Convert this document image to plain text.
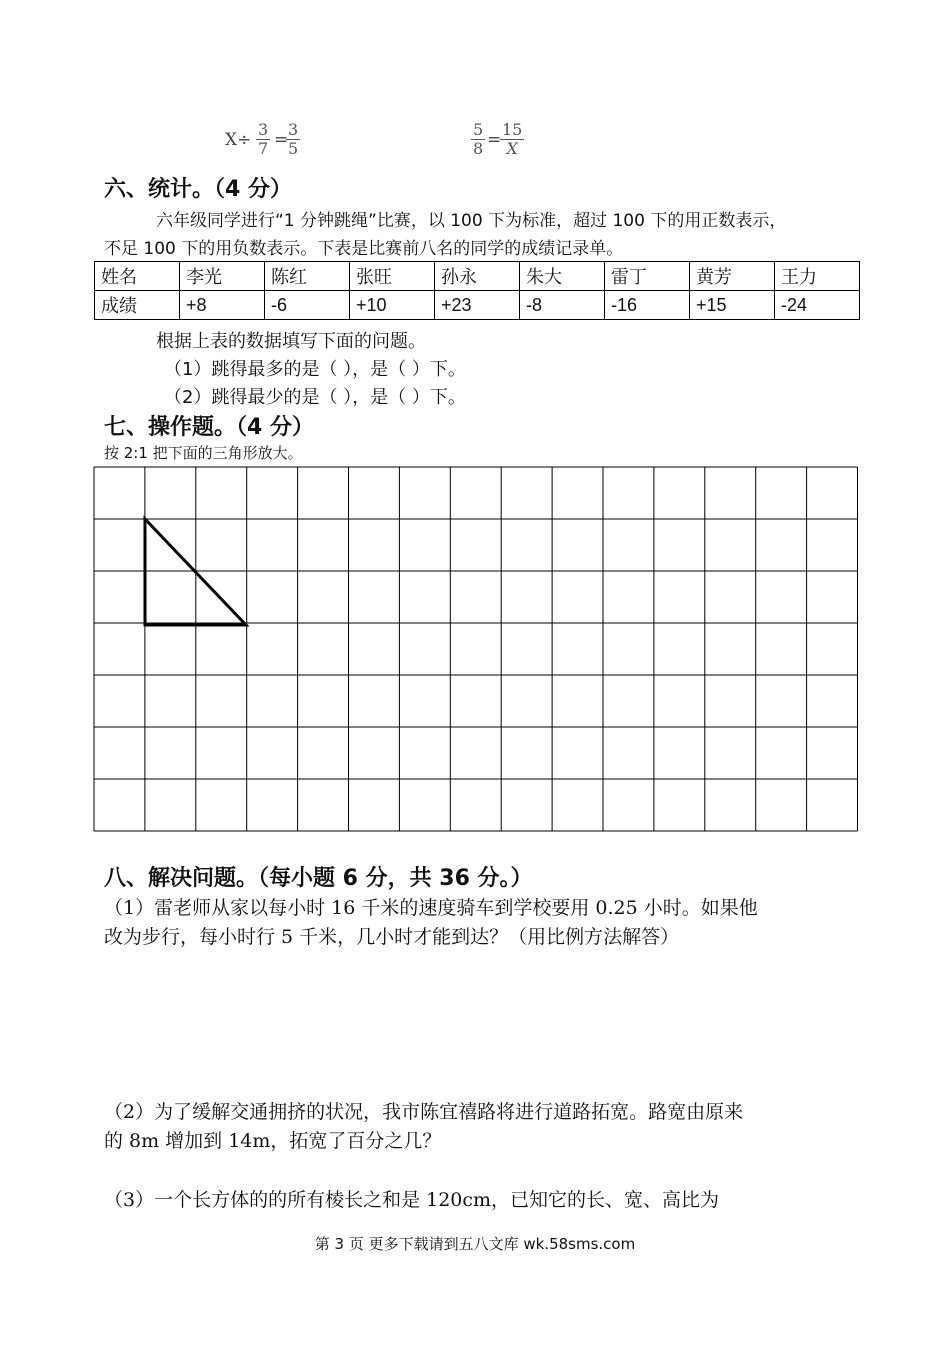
$X\div \frac{3}{7}$ =
$\frac{3}{5}$	$\frac{5}{8}$ =
$\frac{15}{X}$
六、统计。（4 分）
六年级同学进行“1 分钟跳绳”比赛，以 100 下为标准，超过 100 下的用正数表示，
不足 100 下的用负数表示。下表是比赛前八名的同学的成绩记录单。
姓名	李光	陈红	张旺	孙永	朱大	雷丁	黄芳	王力
成绩	+8	-6	+10	+23	-8	-16	+15	-24
根据上表的数据填写下面的问题。
（1）跳得最多的是（ ），是（ ）下。
（2）跳得最少的是（ ），是（ ）下。
七、操作题。（4 分）
按 2:1 把下面的三角形放大。
八、解决问题。（每小题 6 分，共 36 分。）
（1）雷老师从家以每小时 16 千米的速度骑车到学校要用 0.25 小时。如果他
改为步行，每小时行 5 千米，几小时才能到达？（用比例方法解答）
（2）为了缓解交通拥挤的状况，我市陈宜禧路将进行道路拓宽。路宽由原来
的 8m 增加到 14m，拓宽了百分之几？
（3）一个长方体的的所有棱长之和是 120cm，已知它的长、宽、高比为
第 3 页 更多下载请到五八文库 wk.58sms.com
